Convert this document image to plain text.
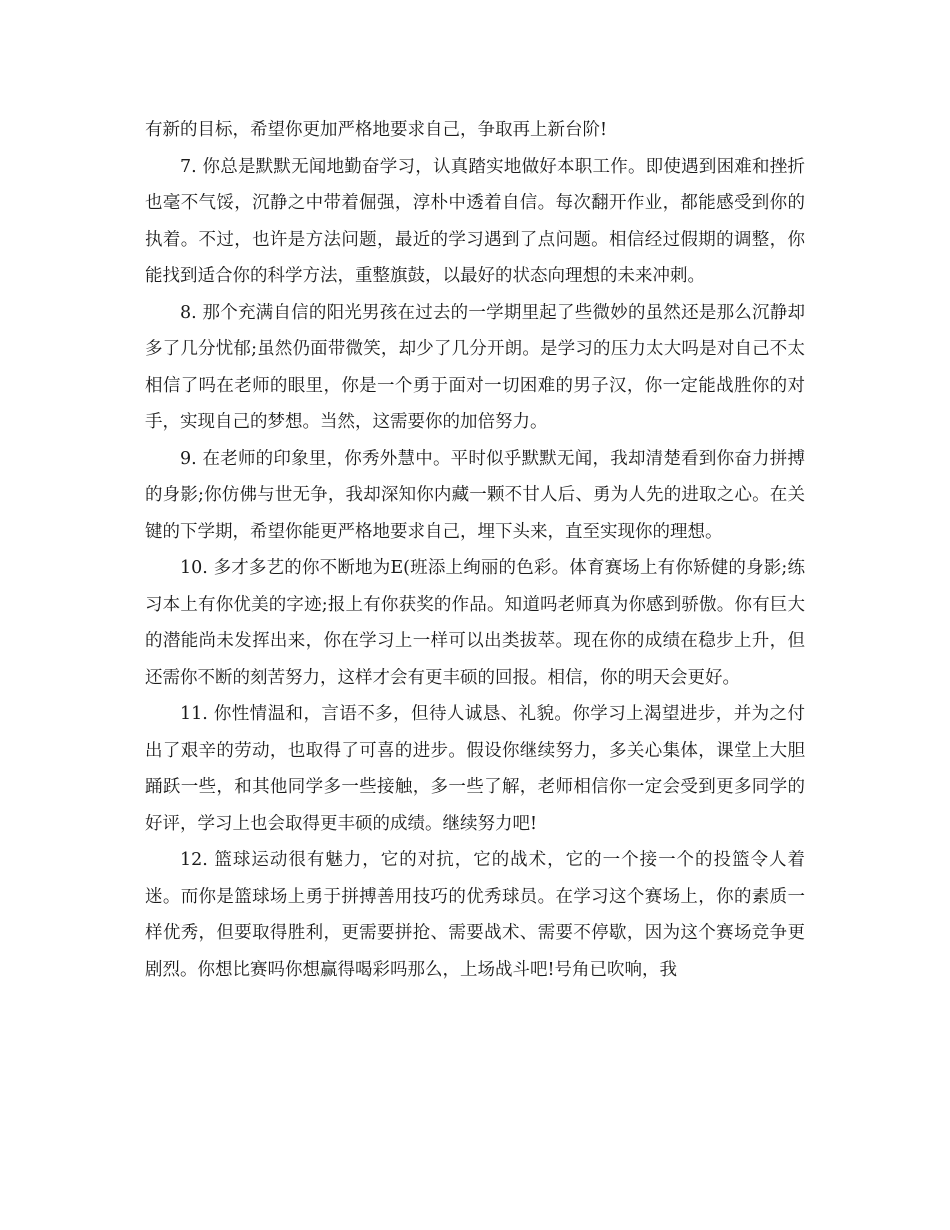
有新的目标，希望你更加严格地要求自己，争取再上新台阶!

7. 你总是默默无闻地勤奋学习，认真踏实地做好本职工作。即使遇到困难和挫折也毫不气馁，沉静之中带着倔强，淳朴中透着自信。每次翻开作业，都能感受到你的执着。不过，也许是方法问题，最近的学习遇到了点问题。相信经过假期的调整，你能找到适合你的科学方法，重整旗鼓，以最好的状态向理想的未来冲刺。

8. 那个充满自信的阳光男孩在过去的一学期里起了些微妙的虽然还是那么沉静却多了几分忧郁;虽然仍面带微笑，却少了几分开朗。是学习的压力太大吗是对自己不太相信了吗在老师的眼里，你是一个勇于面对一切困难的男子汉，你一定能战胜你的对手，实现自己的梦想。当然，这需要你的加倍努力。

9. 在老师的印象里，你秀外慧中。平时似乎默默无闻，我却清楚看到你奋力拼搏的身影;你仿佛与世无争，我却深知你内藏一颗不甘人后、勇为人先的进取之心。在关键的下学期，希望你能更严格地要求自己，埋下头来，直至实现你的理想。

10. 多才多艺的你不断地为E(班添上绚丽的色彩。体育赛场上有你矫健的身影;练习本上有你优美的字迹;报上有你获奖的作品。知道吗老师真为你感到骄傲。你有巨大的潜能尚未发挥出来，你在学习上一样可以出类拔萃。现在你的成绩在稳步上升，但还需你不断的刻苦努力，这样才会有更丰硕的回报。相信，你的明天会更好。

11. 你性情温和，言语不多，但待人诚恳、礼貌。你学习上渴望进步，并为之付出了艰辛的劳动，也取得了可喜的进步。假设你继续努力，多关心集体，课堂上大胆踊跃一些，和其他同学多一些接触，多一些了解，老师相信你一定会受到更多同学的好评，学习上也会取得更丰硕的成绩。继续努力吧!

12. 篮球运动很有魅力，它的对抗，它的战术，它的一个接一个的投篮令人着迷。而你是篮球场上勇于拼搏善用技巧的优秀球员。在学习这个赛场上，你的素质一样优秀，但要取得胜利，更需要拼抢、需要战术、需要不停歇，因为这个赛场竞争更剧烈。你想比赛吗你想赢得喝彩吗那么，上场战斗吧!号角已吹响，我
